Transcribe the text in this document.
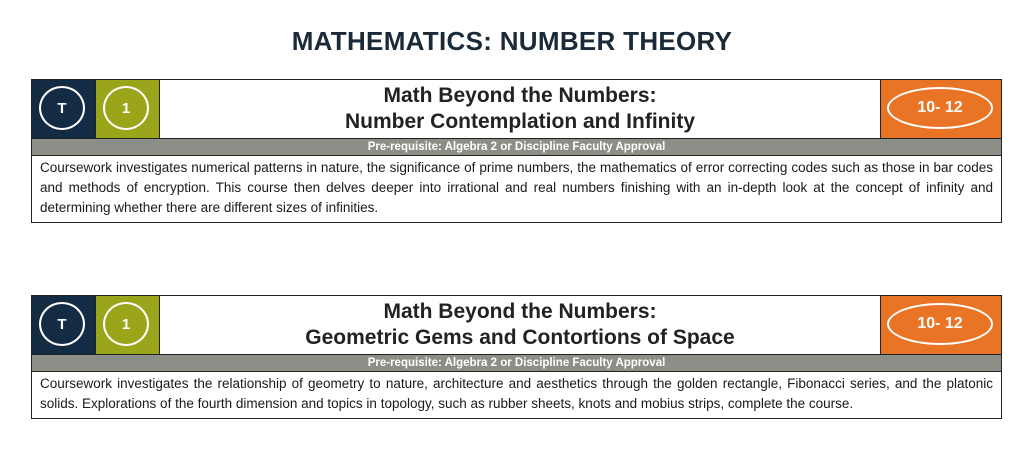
MATHEMATICS: NUMBER THEORY
T	1
Math Beyond the Numbers:
Number Contemplation and Infinity
10- 12
Pre-requisite: Algebra 2 or Discipline Faculty Approval
Coursework investigates numerical patterns in nature, the significance of prime numbers, the mathematics of error correcting codes such as those in bar codes and methods of encryption. This course then delves deeper into irrational and real numbers finishing with an in-depth look at the concept of infinity and determining whether there are different sizes of infinities.
T	1
Math Beyond the Numbers:
Geometric Gems and Contortions of Space
10- 12
Pre-requisite: Algebra 2 or Discipline Faculty Approval
Coursework investigates the relationship of geometry to nature, architecture and aesthetics through the golden rectangle, Fibonacci series, and the platonic solids. Explorations of the fourth dimension and topics in topology, such as rubber sheets, knots and mobius strips, complete the course.
